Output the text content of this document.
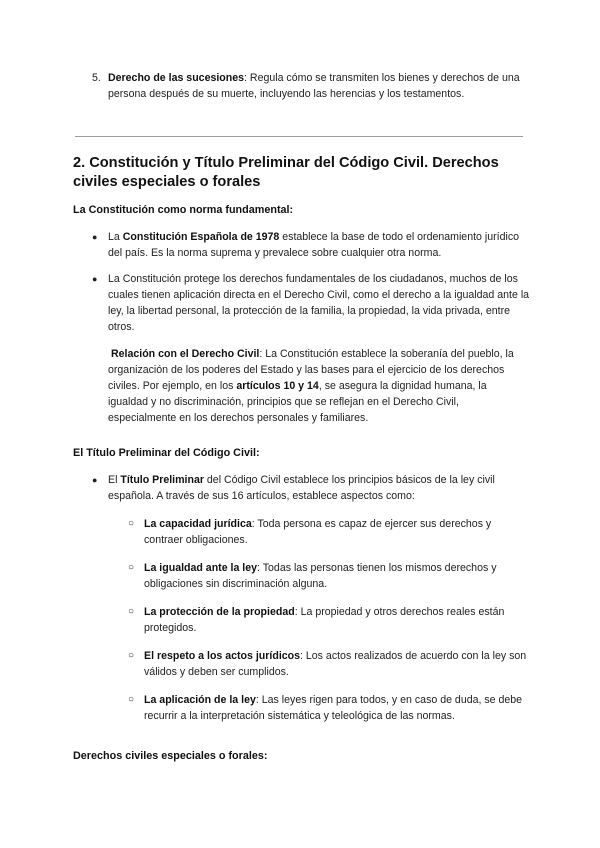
5. Derecho de las sucesiones: Regula cómo se transmiten los bienes y derechos de una persona después de su muerte, incluyendo las herencias y los testamentos.
2. Constitución y Título Preliminar del Código Civil. Derechos civiles especiales o forales
La Constitución como norma fundamental:
● La Constitución Española de 1978 establece la base de todo el ordenamiento jurídico del país. Es la norma suprema y prevalece sobre cualquier otra norma.
● La Constitución protege los derechos fundamentales de los ciudadanos, muchos de los cuales tienen aplicación directa en el Derecho Civil, como el derecho a la igualdad ante la ley, la libertad personal, la protección de la familia, la propiedad, la vida privada, entre otros.
Relación con el Derecho Civil: La Constitución establece la soberanía del pueblo, la organización de los poderes del Estado y las bases para el ejercicio de los derechos civiles. Por ejemplo, en los artículos 10 y 14, se asegura la dignidad humana, la igualdad y no discriminación, principios que se reflejan en el Derecho Civil, especialmente en los derechos personales y familiares.
El Título Preliminar del Código Civil:
● El Título Preliminar del Código Civil establece los principios básicos de la ley civil española. A través de sus 16 artículos, establece aspectos como:
○ La capacidad jurídica: Toda persona es capaz de ejercer sus derechos y contraer obligaciones.
○ La igualdad ante la ley: Todas las personas tienen los mismos derechos y obligaciones sin discriminación alguna.
○ La protección de la propiedad: La propiedad y otros derechos reales están protegidos.
○ El respeto a los actos jurídicos: Los actos realizados de acuerdo con la ley son válidos y deben ser cumplidos.
○ La aplicación de la ley: Las leyes rigen para todos, y en caso de duda, se debe recurrir a la interpretación sistemática y teleológica de las normas.
Derechos civiles especiales o forales:
